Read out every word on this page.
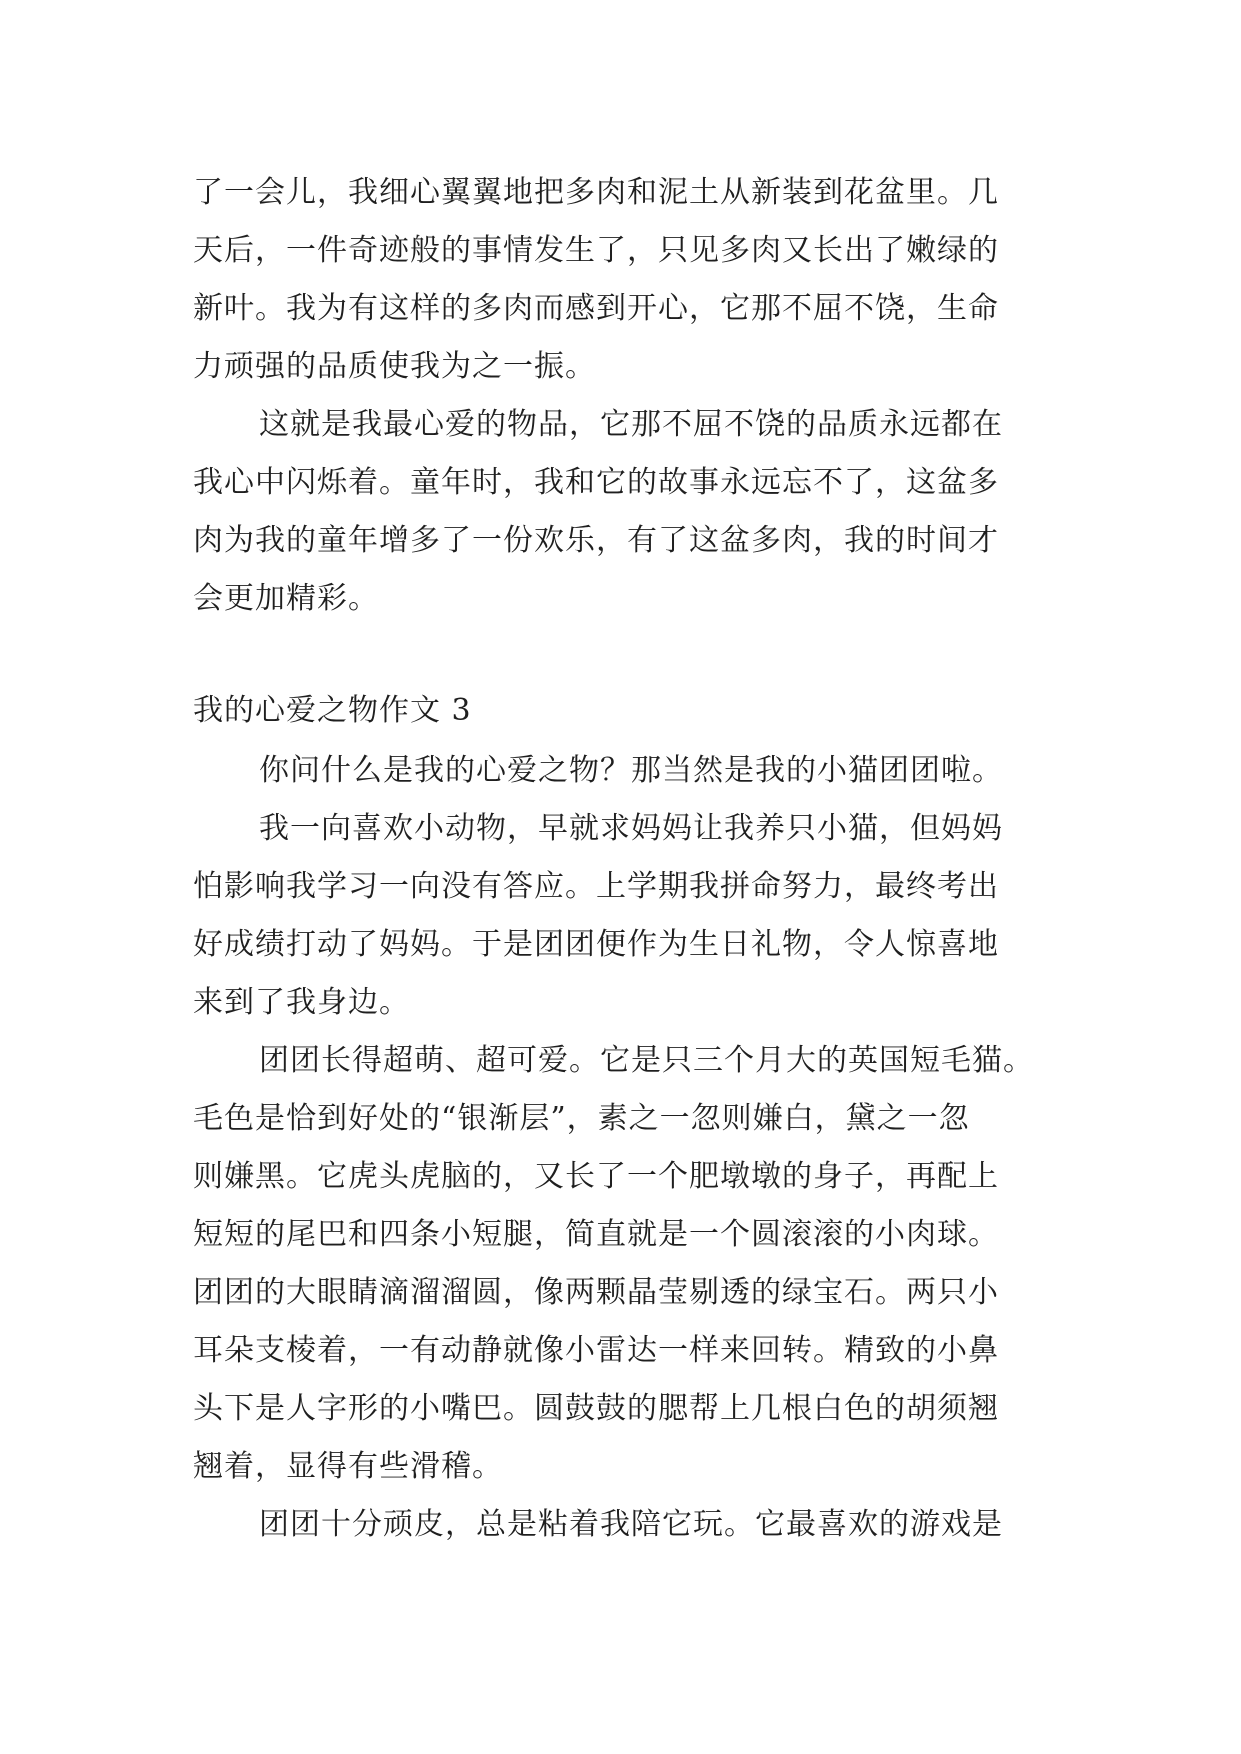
了一会儿，我细心翼翼地把多肉和泥土从新装到花盆里。几
天后，一件奇迹般的事情发生了，只见多肉又长出了嫩绿的
新叶。我为有这样的多肉而感到开心，它那不屈不饶，生命
力顽强的品质使我为之一振。
这就是我最心爱的物品，它那不屈不饶的品质永远都在
我心中闪烁着。童年时，我和它的故事永远忘不了，这盆多
肉为我的童年增多了一份欢乐，有了这盆多肉，我的时间才
会更加精彩。
我的心爱之物作文 3
你问什么是我的心爱之物？那当然是我的小猫团团啦。
我一向喜欢小动物，早就求妈妈让我养只小猫，但妈妈
怕影响我学习一向没有答应。上学期我拼命努力，最终考出
好成绩打动了妈妈。于是团团便作为生日礼物，令人惊喜地
来到了我身边。
团团长得超萌、超可爱。它是只三个月大的英国短毛猫。
毛色是恰到好处的“银渐层”，素之一忽则嫌白，黛之一忽
则嫌黑。它虎头虎脑的，又长了一个肥墩墩的身子，再配上
短短的尾巴和四条小短腿，简直就是一个圆滚滚的小肉球。
团团的大眼睛滴溜溜圆，像两颗晶莹剔透的绿宝石。两只小
耳朵支棱着，一有动静就像小雷达一样来回转。精致的小鼻
头下是人字形的小嘴巴。圆鼓鼓的腮帮上几根白色的胡须翘
翘着，显得有些滑稽。
团团十分顽皮，总是粘着我陪它玩。它最喜欢的游戏是
